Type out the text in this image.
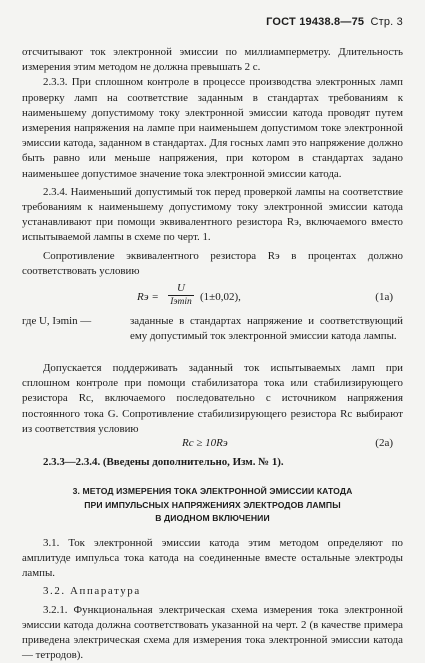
ГОСТ 19438.8—75 Стр. 3

отсчитывают ток электронной эмиссии по миллиамперметру. Длительность измерения этим методом не должна превышать 2 с.

2.3.3. При сплошном контроле в процессе производства электронных ламп проверку ламп на соответствие заданным в стандартах требованиям к наименьшему допустимому току электронной эмиссии катода проводят путем измерения напряжения на лампе при наименьшем допустимом токе электронной эмиссии катода, заданном в стандартах. Для госных ламп это напряжение должно быть равно или меньше напряжения, при котором в стандартах задано наименьшее допустимое значение тока электронной эмиссии катода.

2.3.4. Наименьший допустимый ток перед проверкой лампы на соответствие требованиям к наименьшему допустимому току электронной эмиссии катода устанавливают при помощи эквивалентного резистора Rэ, включаемого вместо испытываемой лампы в схеме по черт. 1.

Сопротивление эквивалентного резистора Rэ в процентах должно соответствовать условию

Rэ =
U
Iэmin (1±0,02),	(1а)
где U, Iэmin —	заданные в стандартах напряжение и соответствующий ему допустимый ток электронной эмиссии катода лампы.

Допускается поддерживать заданный ток испытываемых ламп при сплошном контроле при помощи стабилизатора тока или стабилизирующего резистора Rс, включаемого последовательно с источником напряжения постоянного тока G. Сопротивление стабилизирующего резистора Rс выбирают из соответствия условию

Rс ≥ 10Rэ	(2а)

2.3.3—2.3.4. (Введены дополнительно, Изм. № 1).

3. МЕТОД ИЗМЕРЕНИЯ ТОКА ЭЛЕКТРОННОЙ ЭМИССИИ КАТОДА
ПРИ ИМПУЛЬСНЫХ НАПРЯЖЕНИЯХ ЭЛЕКТРОДОВ ЛАМПЫ
В ДИОДНОМ ВКЛЮЧЕНИИ

3.1. Ток электронной эмиссии катода этим методом определяют по амплитуде импульса тока катода на соединенные вместе остальные электроды лампы.

3.2. Аппаратура

3.2.1. Функциональная электрическая схема измерения тока электронной эмиссии катода должна соответствовать указанной на черт. 2 (в качестве примера приведена электрическая схема для измерения тока электронной эмиссии катода — тетродов).
